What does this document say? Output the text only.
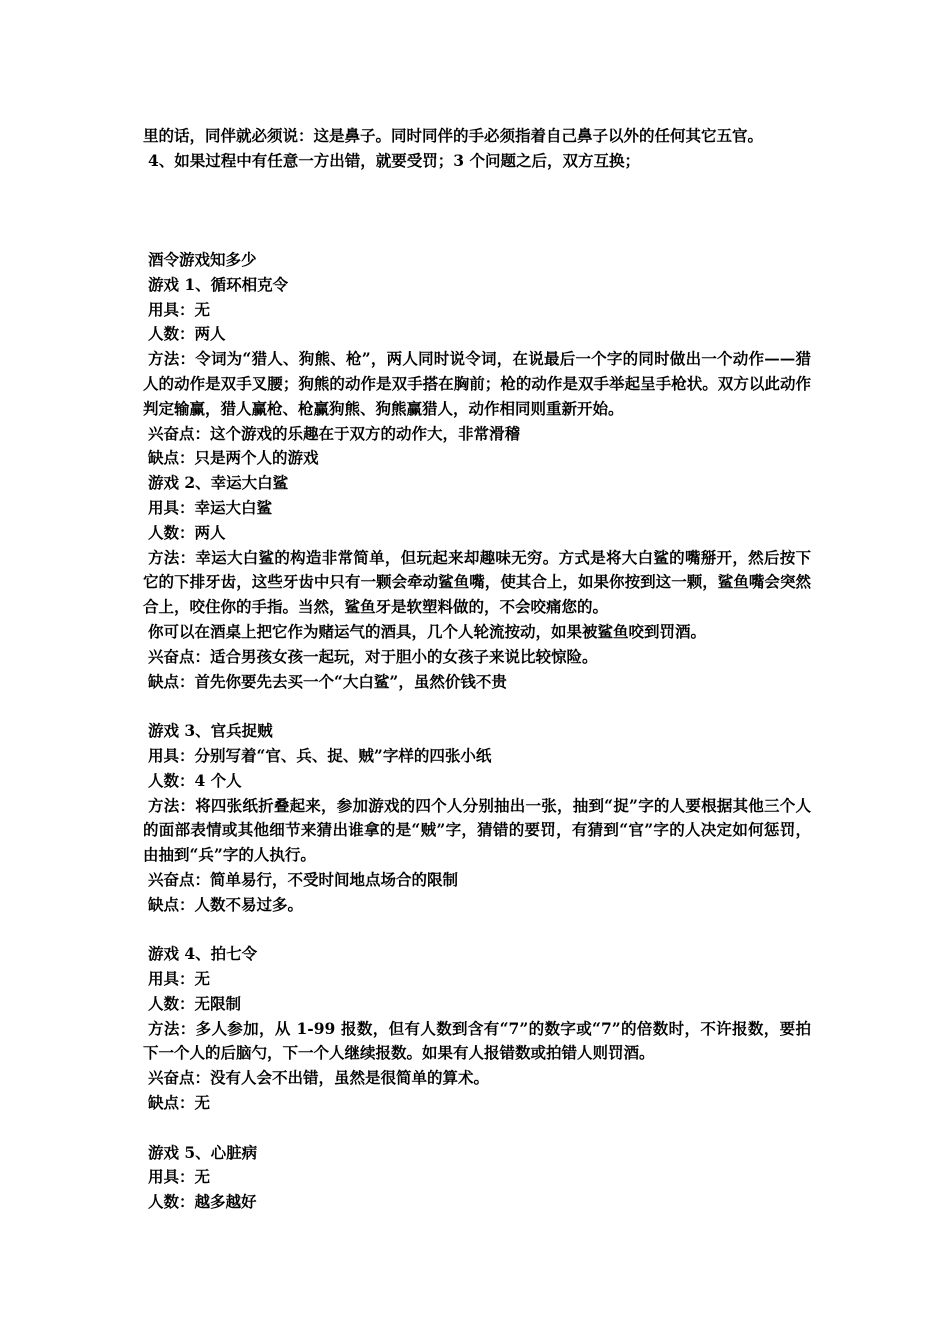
里的话，同伴就必须说：这是鼻子。同时同伴的手必须指着自己鼻子以外的任何其它五官。
4、如果过程中有任意一方出错，就要受罚；3 个问题之后，双方互换；
酒令游戏知多少
游戏 1、循环相克令
用具：无
人数：两人
方法：令词为“猎人、狗熊、枪”，两人同时说令词，在说最后一个字的同时做出一个动作——猎人的动作是双手叉腰；狗熊的动作是双手搭在胸前；枪的动作是双手举起呈手枪状。双方以此动作判定输赢，猎人赢枪、枪赢狗熊、狗熊赢猎人，动作相同则重新开始。
兴奋点：这个游戏的乐趣在于双方的动作大，非常滑稽
缺点：只是两个人的游戏
游戏 2、幸运大白鲨
用具：幸运大白鲨
人数：两人
方法：幸运大白鲨的构造非常简单，但玩起来却趣味无穷。方式是将大白鲨的嘴掰开，然后按下它的下排牙齿，这些牙齿中只有一颗会牵动鲨鱼嘴，使其合上，如果你按到这一颗，鲨鱼嘴会突然合上，咬住你的手指。当然，鲨鱼牙是软塑料做的，不会咬痛您的。
你可以在酒桌上把它作为赌运气的酒具，几个人轮流按动，如果被鲨鱼咬到罚酒。
兴奋点：适合男孩女孩一起玩，对于胆小的女孩子来说比较惊险。
缺点：首先你要先去买一个“大白鲨”，虽然价钱不贵
游戏 3、官兵捉贼
用具：分别写着“官、兵、捉、贼”字样的四张小纸
人数：4 个人
方法：将四张纸折叠起来，参加游戏的四个人分别抽出一张，抽到“捉”字的人要根据其他三个人的面部表情或其他细节来猜出谁拿的是“贼”字，猜错的要罚，有猜到“官”字的人决定如何惩罚，由抽到“兵”字的人执行。
兴奋点：简单易行，不受时间地点场合的限制
缺点：人数不易过多。
游戏 4、拍七令
用具：无
人数：无限制
方法：多人参加，从 1-99 报数，但有人数到含有“7”的数字或“7”的倍数时，不许报数，要拍下一个人的后脑勺，下一个人继续报数。如果有人报错数或拍错人则罚酒。
兴奋点：没有人会不出错，虽然是很简单的算术。
缺点：无
游戏 5、心脏病
用具：无
人数：越多越好
